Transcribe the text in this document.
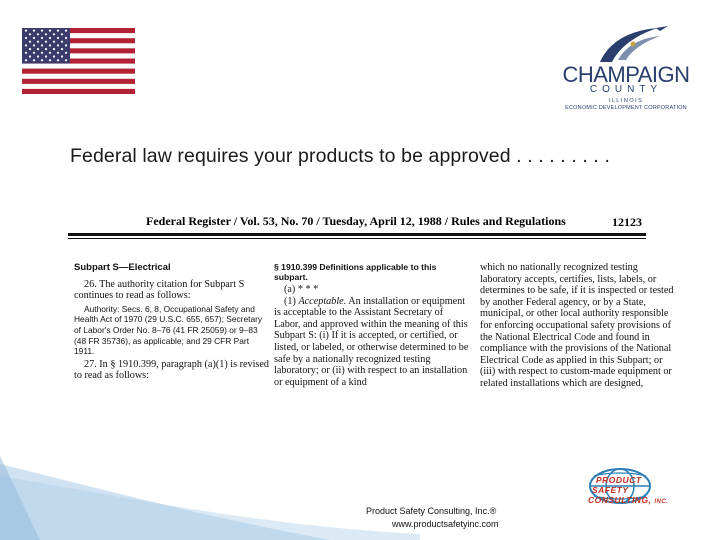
CHAMPAIGN
COUNTY
ILLINOIS
ECONOMIC DEVELOPMENT CORPORATION
Federal law requires your products to be approved . . . . . . . . .
Federal Register / Vol. 53, No. 70 / Tuesday, April 12, 1988 / Rules and Regulations	12123
Subpart S—Electrical

26. The authority citation for Subpart S continues to read as follows:

Authority: Secs. 6, 8, Occupational Safety and Health Act of 1970 (29 U.S.C. 655, 657); Secretary of Labor's Order No. 8–76 (41 FR 25059) or 9–83 (48 FR 35736), as applicable; and 29 CFR Part 1911.

27. In § 1910.399, paragraph (a)(1) is revised to read as follows:

§ 1910.399 Definitions applicable to this subpart.

(a) * * *

(1) Acceptable. An installation or equipment is acceptable to the Assistant Secretary of Labor, and approved within the meaning of this Subpart S: (i) If it is accepted, or certified, or listed, or labeled, or otherwise determined to be safe by a nationally recognized testing laboratory; or (ii) with respect to an installation or equipment of a kind

which no nationally recognized testing laboratory accepts, certifies, lists, labels, or determines to be safe, if it is inspected or tested by another Federal agency, or by a State, municipal, or other local authority responsible for enforcing occupational safety provisions of the National Electrical Code and found in compliance with the provisions of the National Electrical Code as applied in this Subpart; or (iii) with respect to custom-made equipment or related installations which are designed,

Product Safety Consulting, Inc.®
www.productsafetyinc.com
PRODUCT
SAFETY
CONSULTING, INC.
